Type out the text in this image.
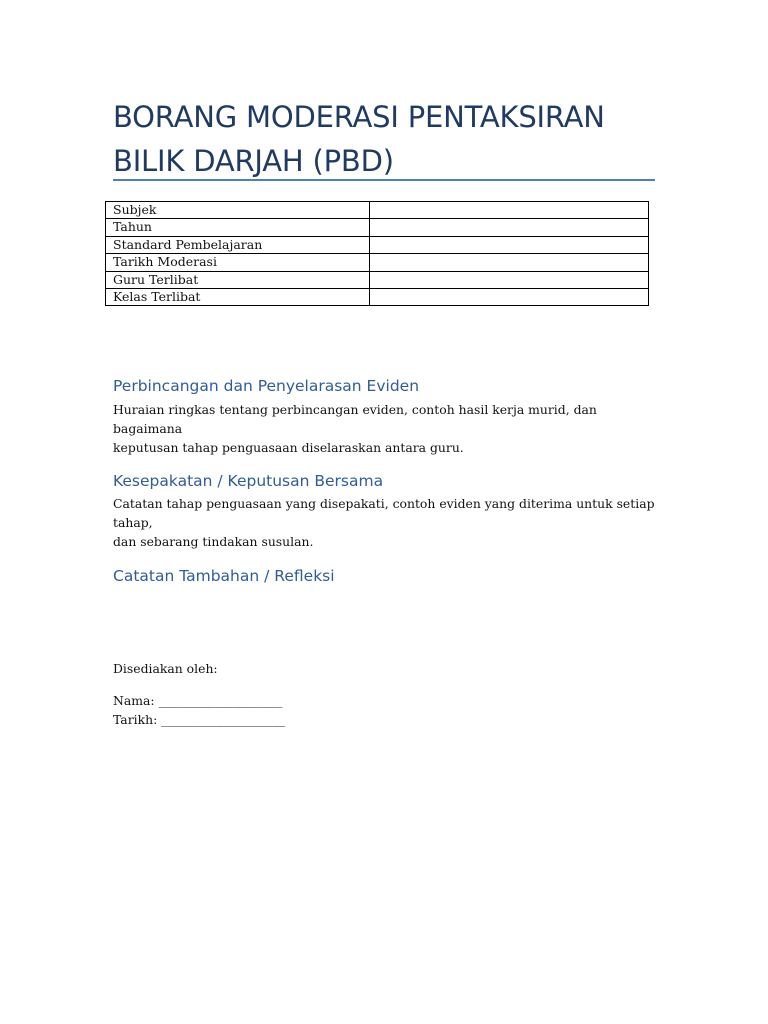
BORANG MODERASI PENTAKSIRAN
BILIK DARJAH (PBD)
Subjek	
Tahun	
Standard Pembelajaran	
Tarikh Moderasi	
Guru Terlibat	
Kelas Terlibat	
Perbincangan dan Penyelarasan Eviden

Huraian ringkas tentang perbincangan eviden, contoh hasil kerja murid, dan bagaimana
keputusan tahap penguasaan diselaraskan antara guru.

Kesepakatan / Keputusan Bersama

Catatan tahap penguasaan yang disepakati, contoh eviden yang diterima untuk setiap tahap,
dan sebarang tindakan susulan.

Catatan Tambahan / Refleksi

Disediakan oleh:

Nama: ____________________

Tarikh: ____________________
